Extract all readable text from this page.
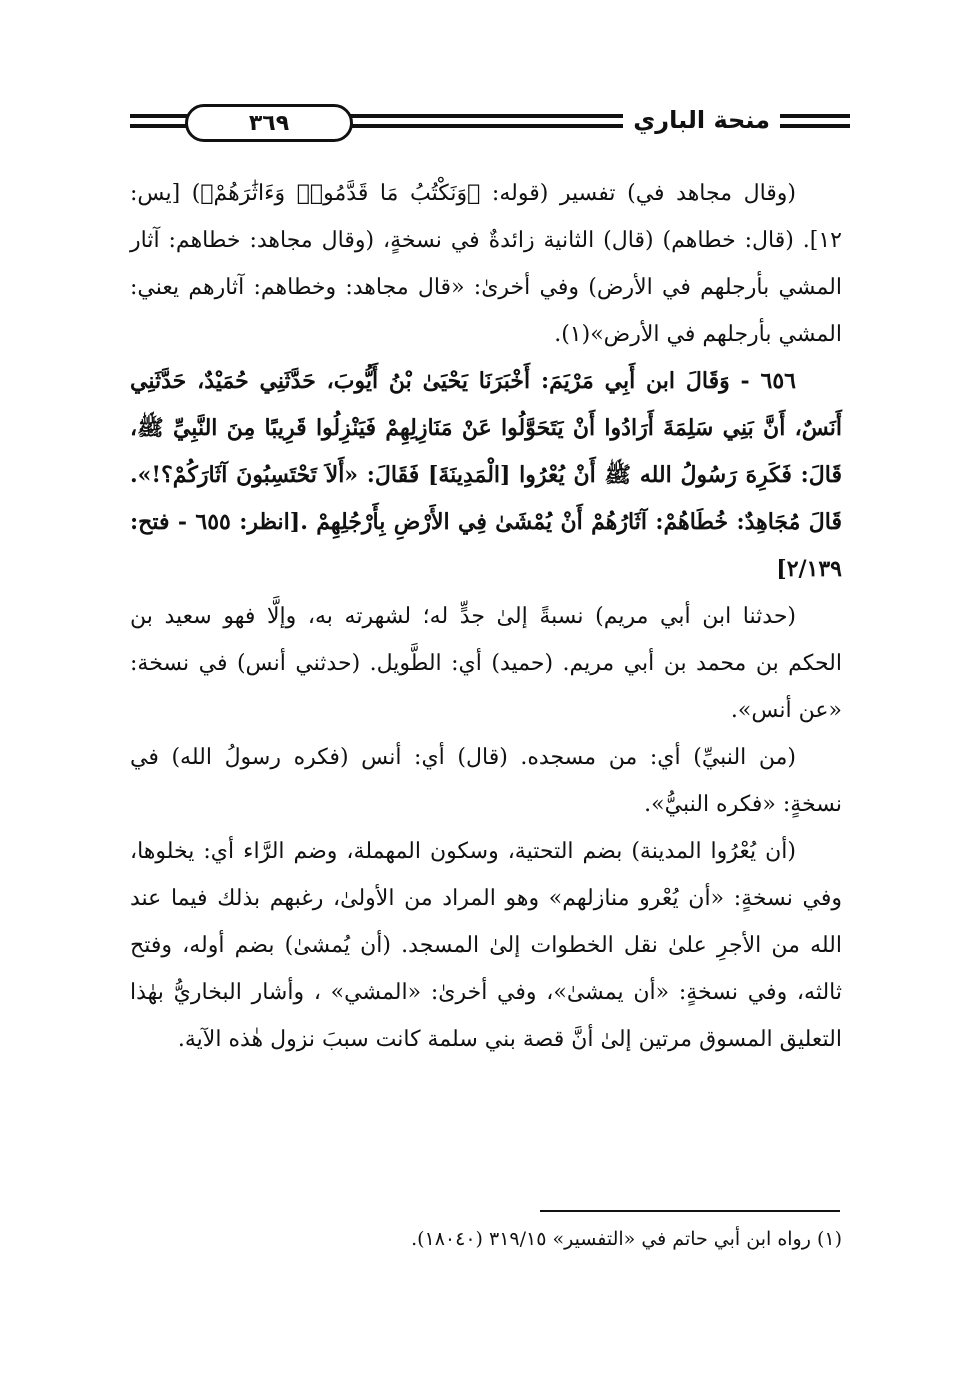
٣٦٩	منحة الباري

(وقال مجاهد في) تفسير (قوله: ﴿وَنَكْتُبُ مَا قَدَّمُوا۟ وَءَاثَٰرَهُمْ﴾) [يس: ١٢]. (قال: خطاهم) (قال) الثانية زائدةٌ في نسخةٍ، (وقال مجاهد: خطاهم: آثار المشي بأرجلهم في الأرض) وفي أخرىٰ: «قال مجاهد: وخطاهم: آثارهم يعني: المشي بأرجلهم في الأرض»(١).

٦٥٦ - وَقَالَ ابن أَبِي مَرْيَمَ: أَخْبَرَنَا يَحْيَىٰ بْنُ أَيُّوبَ، حَدَّثَنِي حُمَيْدٌ، حَدَّثَنِي أَنَسٌ، أَنَّ بَنِي سَلِمَةَ أَرَادُوا أَنْ يَتَحَوَّلُوا عَنْ مَنَازِلِهِمْ فَيَنْزِلُوا قَرِيبًا مِنَ النَّبِيِّ ﷺ، قَالَ: فَكَرِهَ رَسُولُ الله ﷺ أَنْ يُعْرُوا [الْمَدِينَةَ] فَقَالَ: «أَلاَ تَحْتَسِبُونَ آثَارَكُمْ؟!». قَالَ مُجَاهِدٌ: خُطَاهُمْ: آثَارُهُمْ أَنْ يُمْشَىٰ فِي الأَرْضِ بِأَرْجُلِهِمْ .[انظر: ٦٥٥ - فتح: ٢/١٣٩]

(حدثنا ابن أبي مريم) نسبةً إلىٰ جدٍّ له؛ لشهرته به، وإلَّا فهو سعيد بن الحكم بن محمد بن أبي مريم. (حميد) أي: الطَّويل. (حدثني أنس) في نسخة: «عن أنس».

(من النبيِّ) أي: من مسجده. (قال) أي: أنس (فكره رسولُ الله) في نسخةٍ: «فكره النبيُّ».

(أن يُعْرُوا المدينة) بضم التحتية، وسكون المهملة، وضم الرَّاء أي: يخلوها، وفي نسخةٍ: «أن يُعْرو منازلهم» وهو المراد من الأولىٰ، رغبهم بذلك فيما عند الله من الأجرِ علىٰ نقل الخطوات إلىٰ المسجد. (أن يُمشىٰ) بضم أوله، وفتح ثالثه، وفي نسخةٍ: «أن يمشىٰ»، وفي أخرىٰ: «المشي» ، وأشار البخاريُّ بهٰذا التعليق المسوق مرتين إلىٰ أنَّ قصة بني سلمة كانت سببَ نزول هٰذه الآية.

(١) رواه ابن أبي حاتم في «التفسير» ٣١٩/١٥ (١٨٠٤٠).
